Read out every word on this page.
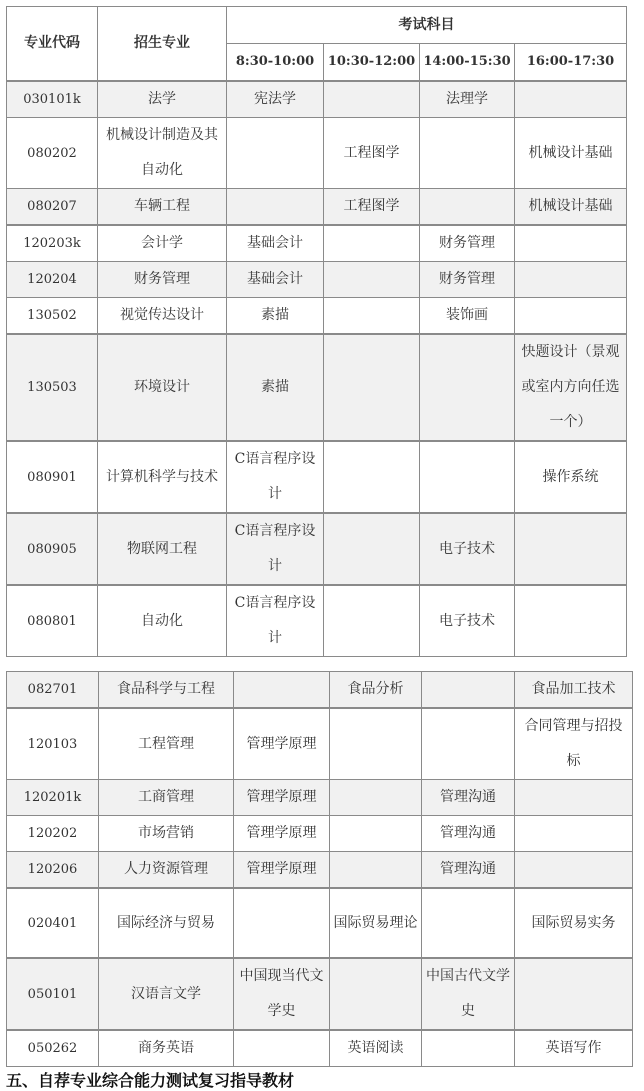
专业代码	招生专业	考试科目			
		8:30-10:00	10:30-12:00	14:00-15:30	16:00-17:30
030101k	法学	宪法学		法理学	
080202	机械设计制造及其自动化		工程图学		机械设计基础
080207	车辆工程		工程图学		机械设计基础
120203k	会计学	基础会计		财务管理	
120204	财务管理	基础会计		财务管理	
130502	视觉传达设计	素描		装饰画	
130503	环境设计	素描			快题设计（景观或室内方向任选一个）
080901	计算机科学与技术	C语言程序设计			操作系统
080905	物联网工程	C语言程序设计		电子技术	
080801	自动化	C语言程序设计		电子技术	
082701	食品科学与工程		食品分析		食品加工技术
120103	工程管理	管理学原理			合同管理与招投标
120201k	工商管理	管理学原理		管理沟通	
120202	市场营销	管理学原理		管理沟通	
120206	人力资源管理	管理学原理		管理沟通	
020401	国际经济与贸易		国际贸易理论		国际贸易实务
050101	汉语言文学	中国现当代文学史		中国古代文学史	
050262	商务英语		英语阅读		英语写作
五、自荐专业综合能力测试复习指导教材
